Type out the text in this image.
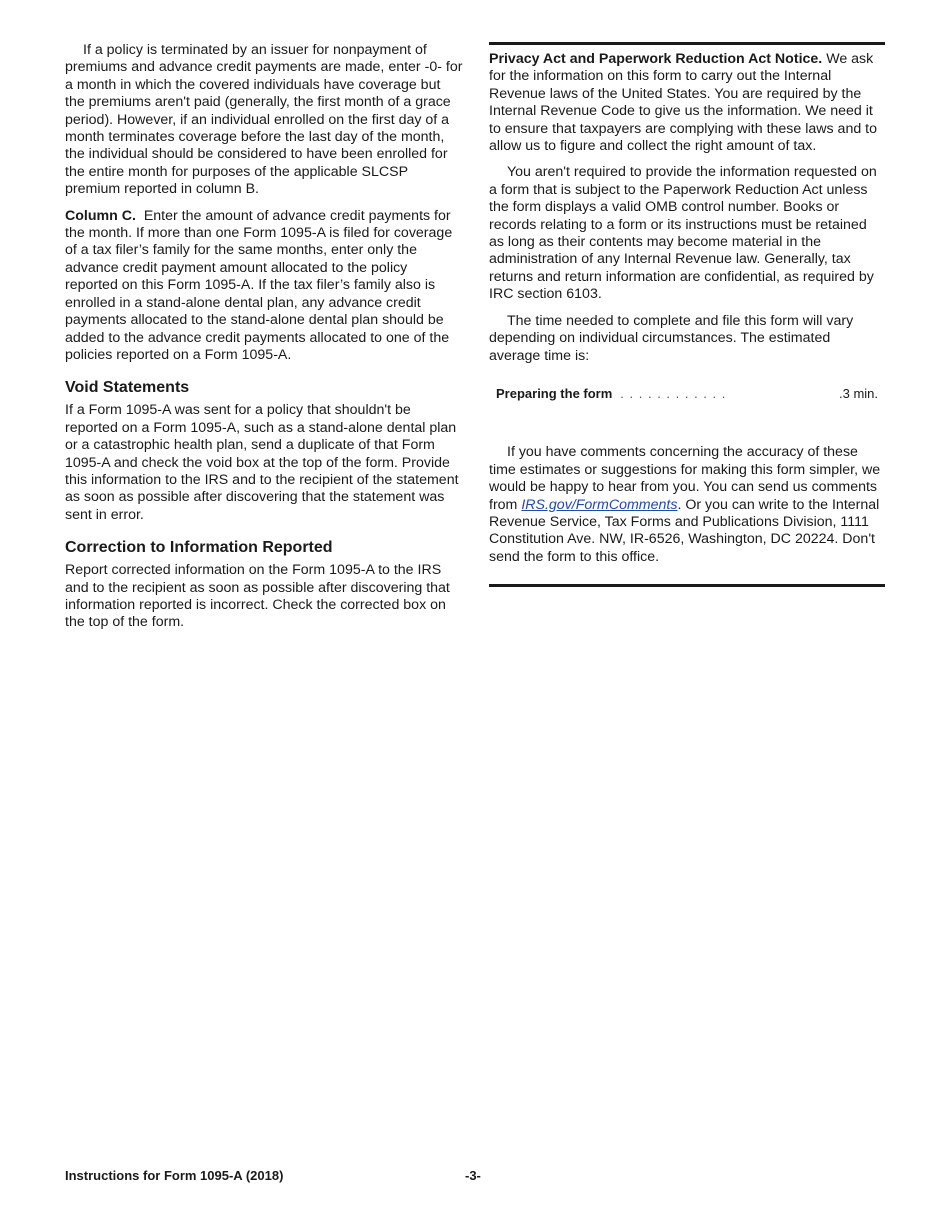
If a policy is terminated by an issuer for nonpayment of premiums and advance credit payments are made, enter -0- for a month in which the covered individuals have coverage but the premiums aren't paid (generally, the first month of a grace period). However, if an individual enrolled on the first day of a month terminates coverage before the last day of the month, the individual should be considered to have been enrolled for the entire month for purposes of the applicable SLCSP premium reported in column B.

Column C. Enter the amount of advance credit payments for the month. If more than one Form 1095-A is filed for coverage of a tax filer’s family for the same months, enter only the advance credit payment amount allocated to the policy reported on this Form 1095-A. If the tax filer’s family also is enrolled in a stand-alone dental plan, any advance credit payments allocated to the stand-alone dental plan should be added to the advance credit payments allocated to one of the policies reported on a Form 1095-A.

Void Statements

If a Form 1095-A was sent for a policy that shouldn't be reported on a Form 1095-A, such as a stand-alone dental plan or a catastrophic health plan, send a duplicate of that Form 1095-A and check the void box at the top of the form. Provide this information to the IRS and to the recipient of the statement as soon as possible after discovering that the statement was sent in error.

Correction to Information Reported

Report corrected information on the Form 1095-A to the IRS and to the recipient as soon as possible after discovering that information reported is incorrect. Check the corrected box on the top of the form.

Privacy Act and Paperwork Reduction Act Notice. We ask for the information on this form to carry out the Internal Revenue laws of the United States. You are required by the Internal Revenue Code to give us the information. We need it to ensure that taxpayers are complying with these laws and to allow us to figure and collect the right amount of tax.

You aren't required to provide the information requested on a form that is subject to the Paperwork Reduction Act unless the form displays a valid OMB control number. Books or records relating to a form or its instructions must be retained as long as their contents may become material in the administration of any Internal Revenue law. Generally, tax returns and return information are confidential, as required by IRC section 6103.

The time needed to complete and file this form will vary depending on individual circumstances. The estimated average time is:

Preparing the form . . . . . . . . . . . .	.3 min.

If you have comments concerning the accuracy of these time estimates or suggestions for making this form simpler, we would be happy to hear from you. You can send us comments from IRS.gov/FormComments. Or you can write to the Internal Revenue Service, Tax Forms and Publications Division, 1111 Constitution Ave. NW, IR-6526, Washington, DC 20224. Don't send the form to this office.

Instructions for Form 1095-A (2018)	-3-
